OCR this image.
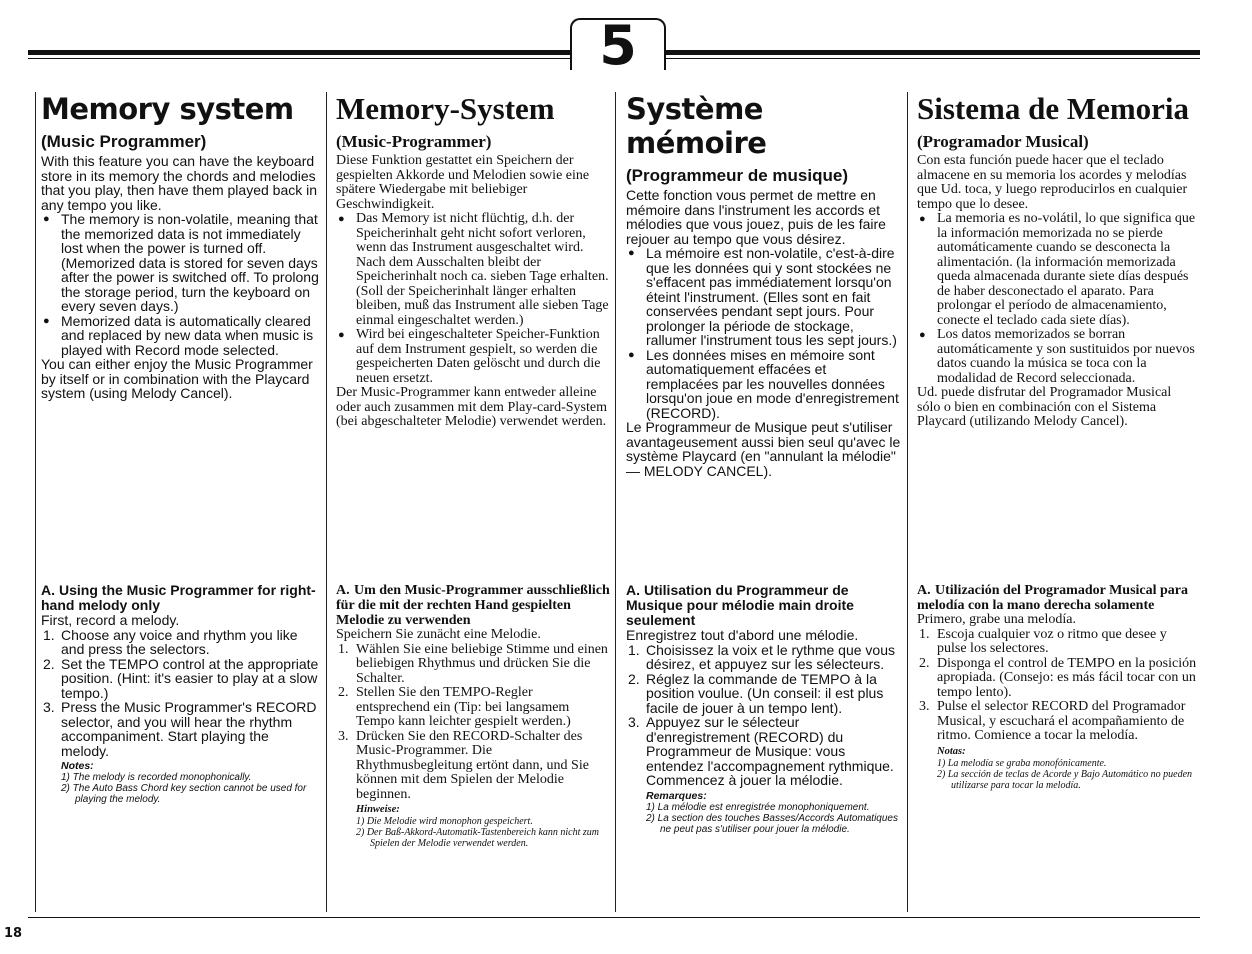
5
Memory system
(Music Programmer)

With this feature you can have the keyboard store in its memory the chords and melodies that you play, then have them played back in any tempo you like.

● The memory is non-volatile, meaning that the memorized data is not immediately lost when the power is turned off. (Memorized data is stored for seven days after the power is switched off. To prolong the storage period, turn the keyboard on every seven days.)
● Memorized data is automatically cleared and replaced by new data when music is played with Record mode selected.

You can either enjoy the Music Programmer by itself or in combination with the Playcard system (using Melody Cancel).

A. Using the Music Programmer for right-hand melody only

First, record a melody.

1. Choose any voice and rhythm you like and press the selectors.
2. Set the TEMPO control at the appropriate position. (Hint: it's easier to play at a slow tempo.)
3. Press the Music Programmer's RECORD selector, and you will hear the rhythm accompaniment. Start playing the melody.
Notes:
1) The melody is recorded monophonically.
2) The Auto Bass Chord key section cannot be used for playing the melody.
Memory-System
(Music-Programmer)

Diese Funktion gestattet ein Speichern der gespielten Akkorde und Melodien sowie eine spätere Wiedergabe mit beliebiger Geschwindigkeit.

● Das Memory ist nicht flüchtig, d.h. der Speicherinhalt geht nicht sofort verloren, wenn das Instrument ausgeschaltet wird. Nach dem Ausschalten bleibt der Speicherinhalt noch ca. sieben Tage erhalten. (Soll der Speicherinhalt länger erhalten bleiben, muß das Instrument alle sieben Tage einmal eingeschaltet werden.)
● Wird bei eingeschalteter Speicher-Funktion auf dem Instrument gespielt, so werden die gespeicherten Daten gelöscht und durch die neuen ersetzt.

Der Music-Programmer kann entweder alleine oder auch zusammen mit dem Play-card-System (bei abgeschalteter Melodie) verwendet werden.

A. Um den Music-Programmer ausschließlich für die mit der rechten Hand gespielten Melodie zu verwenden

Speichern Sie zunächt eine Melodie.

1. Wählen Sie eine beliebige Stimme und einen beliebigen Rhythmus und drücken Sie die Schalter.
2. Stellen Sie den TEMPO-Regler entsprechend ein (Tip: bei langsamem Tempo kann leichter gespielt werden.)
3. Drücken Sie den RECORD-Schalter des Music-Programmer. Die Rhythmusbegleitung ertönt dann, und Sie können mit dem Spielen der Melodie beginnen.
Hinweise:
1) Die Melodie wird monophon gespeichert.
2) Der Baß-Akkord-Automatik-Tastenbereich kann nicht zum Spielen der Melodie verwendet werden.
Système mémoire
(Programmeur de musique)

Cette fonction vous permet de mettre en mémoire dans l'instrument les accords et mélodies que vous jouez, puis de les faire rejouer au tempo que vous désirez.

● La mémoire est non-volatile, c'est-à-dire que les données qui y sont stockées ne s'effacent pas immédiatement lorsqu'on éteint l'instrument. (Elles sont en fait conservées pendant sept jours. Pour prolonger la période de stockage, rallumer l'instrument tous les sept jours.)
● Les données mises en mémoire sont automatiquement effacées et remplacées par les nouvelles données lorsqu'on joue en mode d'enregistrement (RECORD).

Le Programmeur de Musique peut s'utiliser avantageusement aussi bien seul qu'avec le système Playcard (en "annulant la mélodie" — MELODY CANCEL).

A. Utilisation du Programmeur de Musique pour mélodie main droite seulement

Enregistrez tout d'abord une mélodie.

1. Choisissez la voix et le rythme que vous désirez, et appuyez sur les sélecteurs.
2. Réglez la commande de TEMPO à la position voulue. (Un conseil: il est plus facile de jouer à un tempo lent).
3. Appuyez sur le sélecteur d'enregistrement (RECORD) du Programmeur de Musique: vous entendez l'accompagnement rythmique. Commencez à jouer la mélodie.
Remarques:
1) La mélodie est enregistrée monophoniquement.
2) La section des touches Basses/Accords Automatiques ne peut pas s'utiliser pour jouer la mélodie.
Sistema de Memoria
(Programador Musical)

Con esta función puede hacer que el teclado almacene en su memoria los acordes y melodías que Ud. toca, y luego reproducirlos en cualquier tempo que lo desee.

● La memoria es no-volátil, lo que significa que la información memorizada no se pierde automáticamente cuando se desconecta la alimentación. (la información memorizada queda almacenada durante siete días después de haber desconectado el aparato. Para prolongar el período de almacenamiento, conecte el teclado cada siete días).
● Los datos memorizados se borran automáticamente y son sustituidos por nuevos datos cuando la música se toca con la modalidad de Record seleccionada.

Ud. puede disfrutar del Programador Musical sólo o bien en combinación con el Sistema Playcard (utilizando Melody Cancel).

A. Utilización del Programador Musical para melodía con la mano derecha solamente

Primero, grabe una melodía.

1. Escoja cualquier voz o ritmo que desee y pulse los selectores.
2. Disponga el control de TEMPO en la posición apropiada. (Consejo: es más fácil tocar con un tempo lento).
3. Pulse el selector RECORD del Programador Musical, y escuchará el acompañamiento de ritmo. Comience a tocar la melodía.
Notas:
1) La melodía se graba monofónicamente.
2) La sección de teclas de Acorde y Bajo Automático no pueden utilizarse para tocar la melodía.
18
